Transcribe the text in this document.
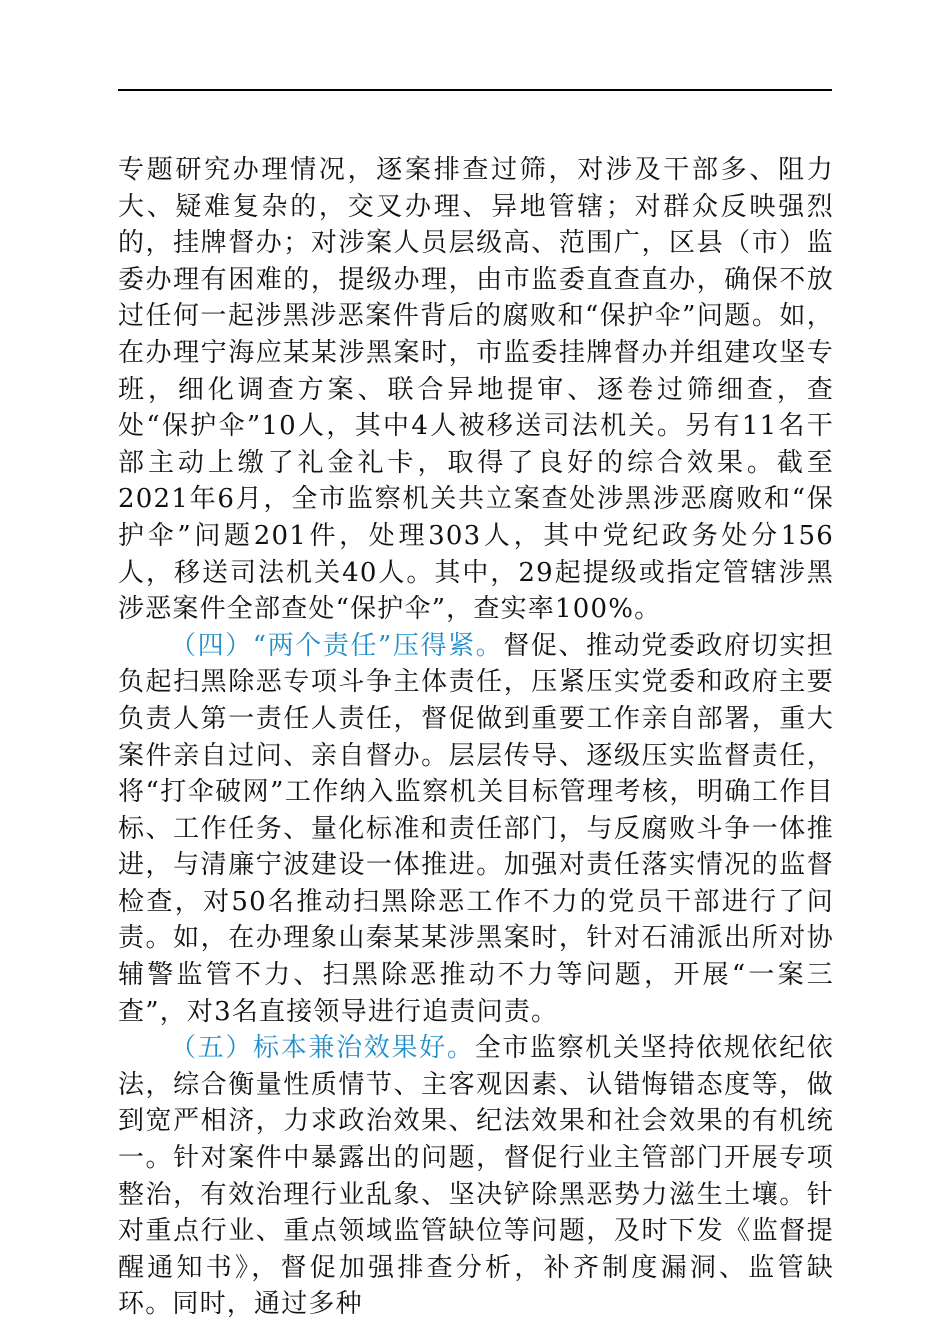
专题研究办理情况，逐案排查过筛，对涉及干部多、阻力大、疑难复杂的，交叉办理、异地管辖；对群众反映强烈的，挂牌督办；对涉案人员层级高、范围广，区县（市）监委办理有困难的，提级办理，由市监委直查直办，确保不放过任何一起涉黑涉恶案件背后的腐败和“保护伞”问题。如，在办理宁海应某某涉黑案时，市监委挂牌督办并组建攻坚专班，细化调查方案、联合异地提审、逐卷过筛细查，查处“保护伞”10人，其中4人被移送司法机关。另有11名干部主动上缴了礼金礼卡，取得了良好的综合效果。截至2021年6月，全市监察机关共立案查处涉黑涉恶腐败和“保护伞”问题201件，处理303人，其中党纪政务处分156人，移送司法机关40人。其中，29起提级或指定管辖涉黑涉恶案件全部查处“保护伞”，查实率100%。

（四）“两个责任”压得紧。督促、推动党委政府切实担负起扫黑除恶专项斗争主体责任，压紧压实党委和政府主要负责人第一责任人责任，督促做到重要工作亲自部署，重大案件亲自过问、亲自督办。层层传导、逐级压实监督责任，将“打伞破网”工作纳入监察机关目标管理考核，明确工作目标、工作任务、量化标准和责任部门，与反腐败斗争一体推进，与清廉宁波建设一体推进。加强对责任落实情况的监督检查，对50名推动扫黑除恶工作不力的党员干部进行了问责。如，在办理象山秦某某涉黑案时，针对石浦派出所对协辅警监管不力、扫黑除恶推动不力等问题，开展“一案三查”，对3名直接领导进行追责问责。

（五）标本兼治效果好。全市监察机关坚持依规依纪依法，综合衡量性质情节、主客观因素、认错悔错态度等，做到宽严相济，力求政治效果、纪法效果和社会效果的有机统一。针对案件中暴露出的问题，督促行业主管部门开展专项整治，有效治理行业乱象、坚决铲除黑恶势力滋生土壤。针对重点行业、重点领域监管缺位等问题，及时下发《监督提醒通知书》，督促加强排查分析，补齐制度漏洞、监管缺环。同时，通过多种
